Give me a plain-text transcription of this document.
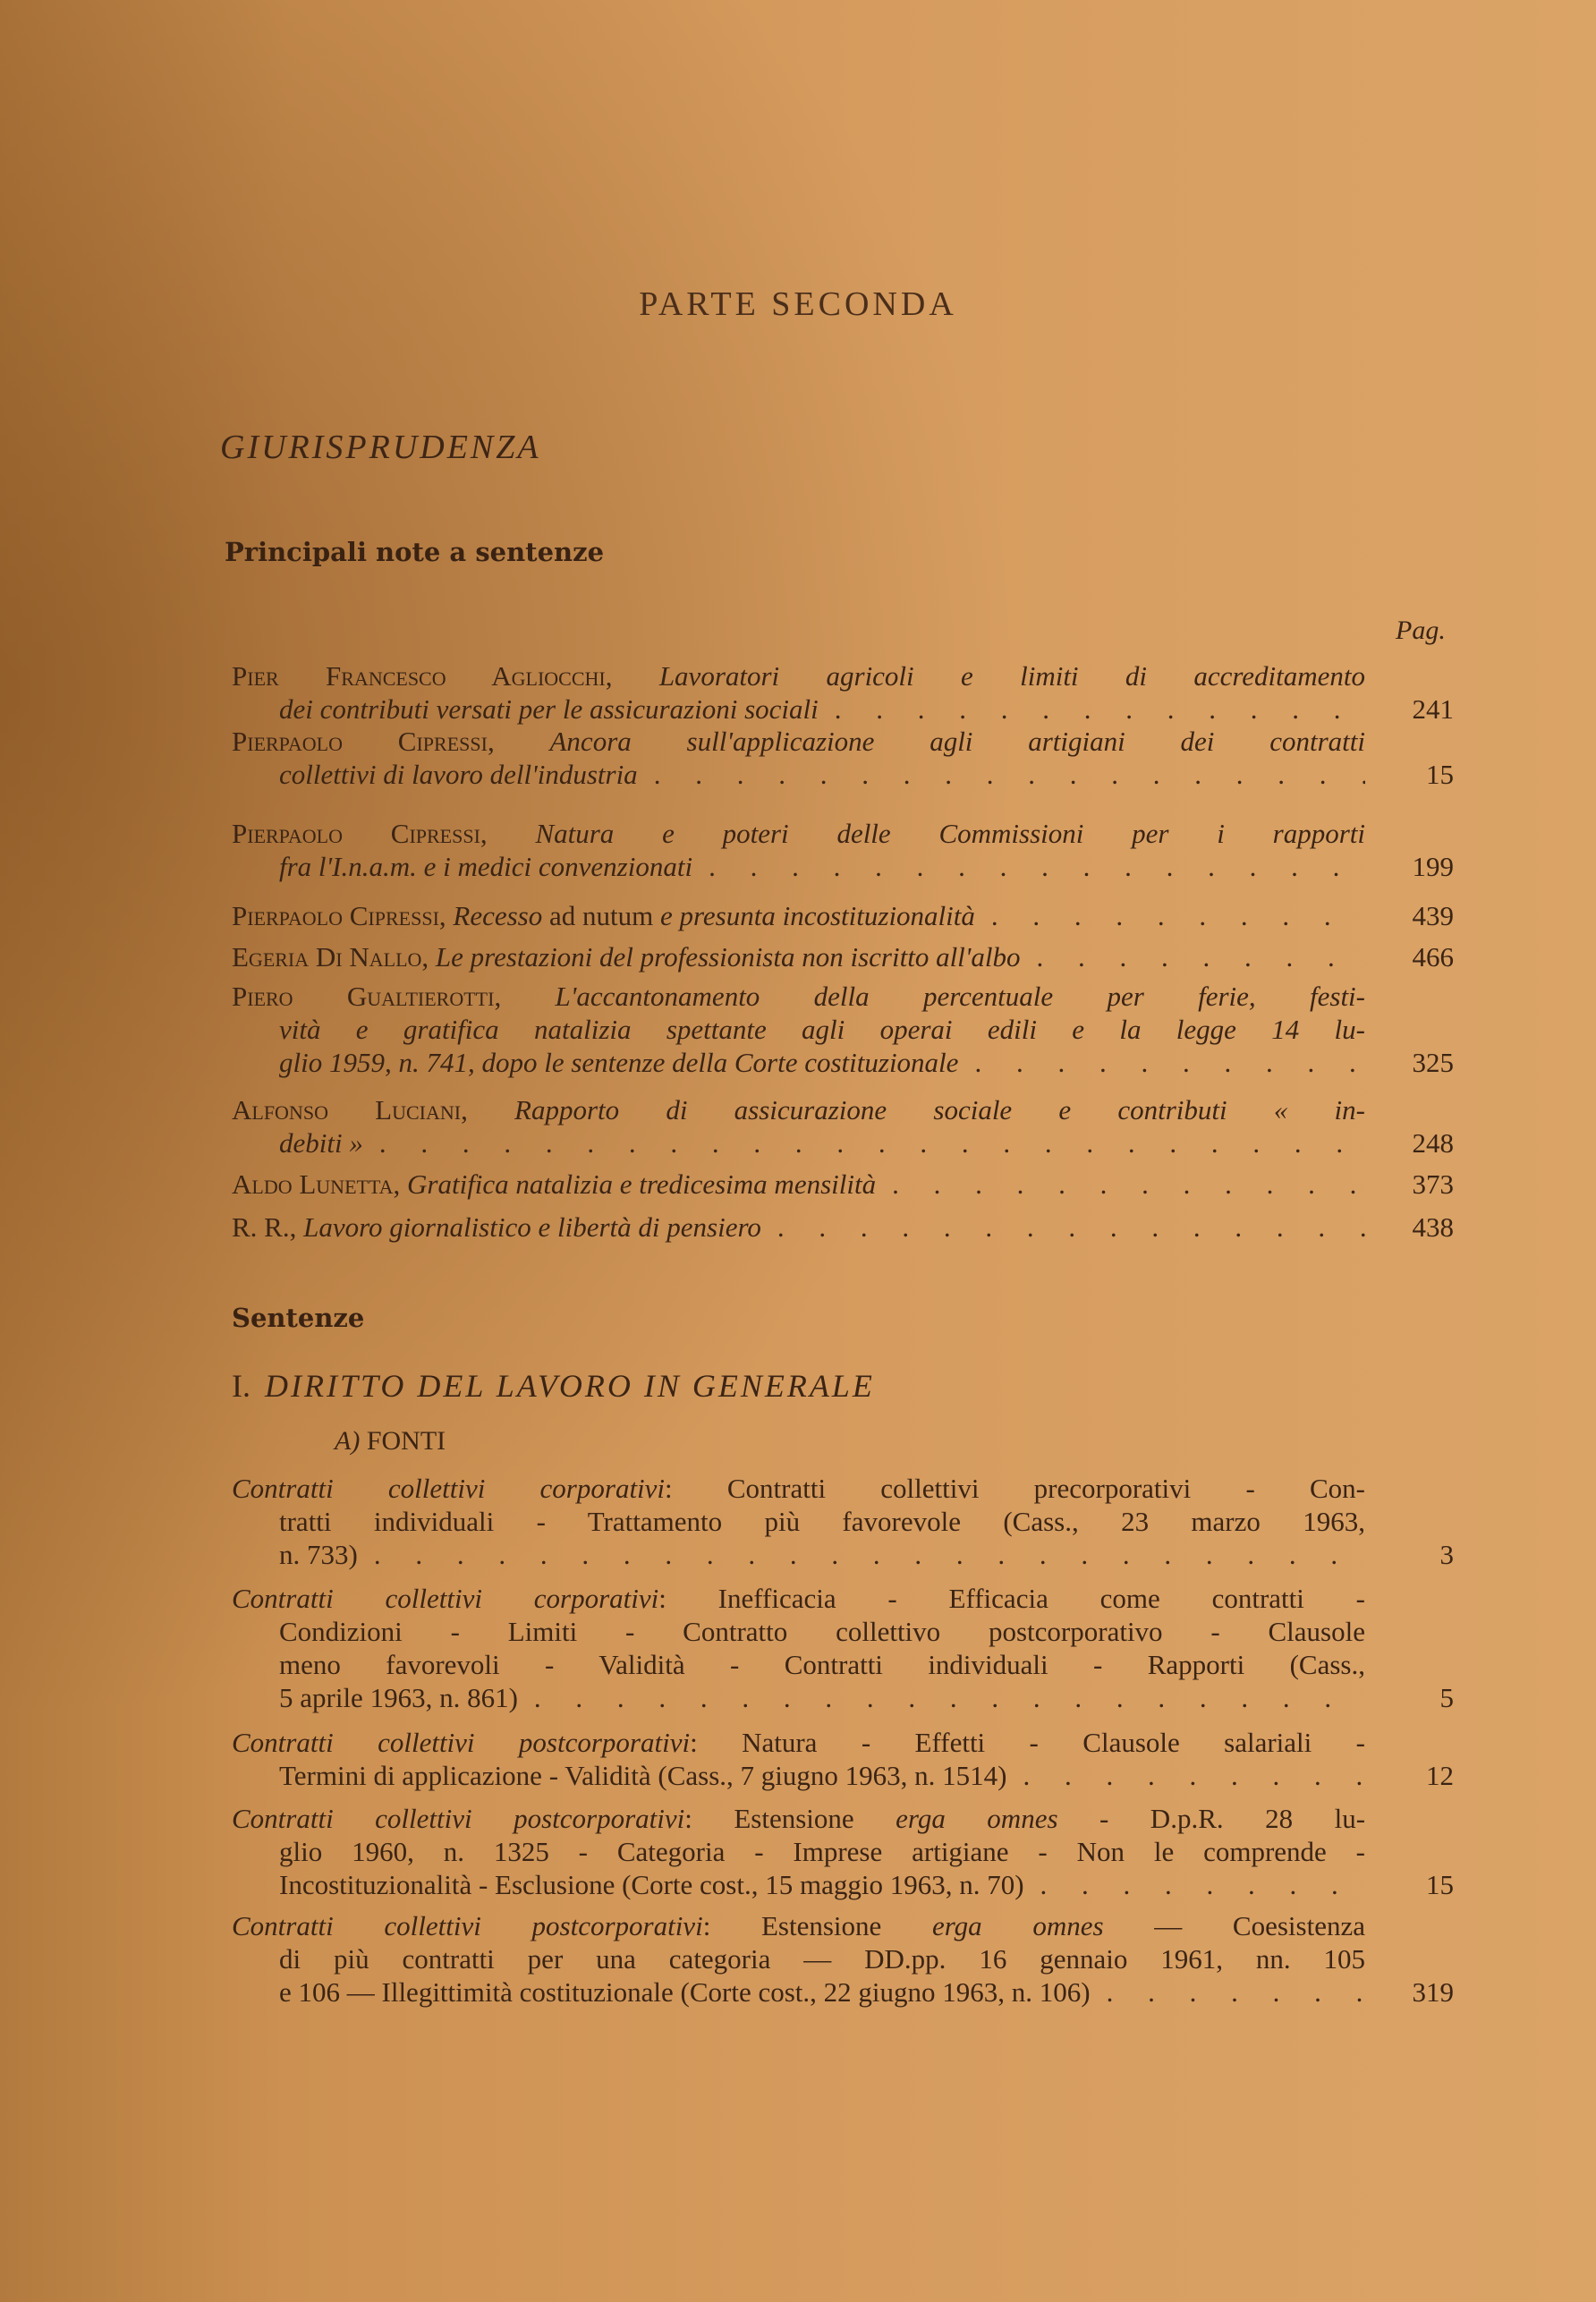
PARTE SECONDA
GIURISPRUDENZA
Principali note a sentenze
Pag.
Pier Francesco Agliocchi, Lavoratori agricoli e limiti di accreditamento
dei contributi versati per le assicurazioni sociali .	241
Pierpaolo Cipressi, Ancora sull'applicazione agli artigiani dei contratti
collettivi di lavoro dell'industria .	15
Pierpaolo Cipressi, Natura e poteri delle Commissioni per i rapporti
fra l'I.n.a.m. e i medici convenzionati .	199
Pierpaolo Cipressi, Recesso ad nutum e presunta incostituzionalità .	439
Egeria Di Nallo, Le prestazioni del professionista non iscritto all'albo .	466
Piero Gualtierotti, L'accantonamento della percentuale per ferie, festi-
vità e gratifica natalizia spettante agli operai edili e la legge 14 lu-
glio 1959, n. 741, dopo le sentenze della Corte costituzionale .	325
Alfonso Luciani, Rapporto di assicurazione sociale e contributi « in-
debiti » .	248
Aldo Lunetta, Gratifica natalizia e tredicesima mensilità .	373
R. R., Lavoro giornalistico e libertà di pensiero .	438
Sentenze
I. DIRITTO DEL LAVORO IN GENERALE
A) FONTI
Contratti collettivi corporativi: Contratti collettivi precorporativi - Con-
tratti individuali - Trattamento più favorevole (Cass., 23 marzo 1963,
n. 733) .	3
Contratti collettivi corporativi: Inefficacia - Efficacia come contratti -
Condizioni - Limiti - Contratto collettivo postcorporativo - Clausole
meno favorevoli - Validità - Contratti individuali - Rapporti (Cass.,
5 aprile 1963, n. 861) .	5
Contratti collettivi postcorporativi: Natura - Effetti - Clausole salariali -
Termini di applicazione - Validità (Cass., 7 giugno 1963, n. 1514) .	12
Contratti collettivi postcorporativi: Estensione erga omnes - D.p.R. 28 lu-
glio 1960, n. 1325 - Categoria - Imprese artigiane - Non le comprende -
Incostituzionalità - Esclusione (Corte cost., 15 maggio 1963, n. 70) .	15
Contratti collettivi postcorporativi: Estensione erga omnes — Coesistenza
di più contratti per una categoria — DD.pp. 16 gennaio 1961, nn. 105
e 106 — Illegittimità costituzionale (Corte cost., 22 giugno 1963, n. 106) .	319
